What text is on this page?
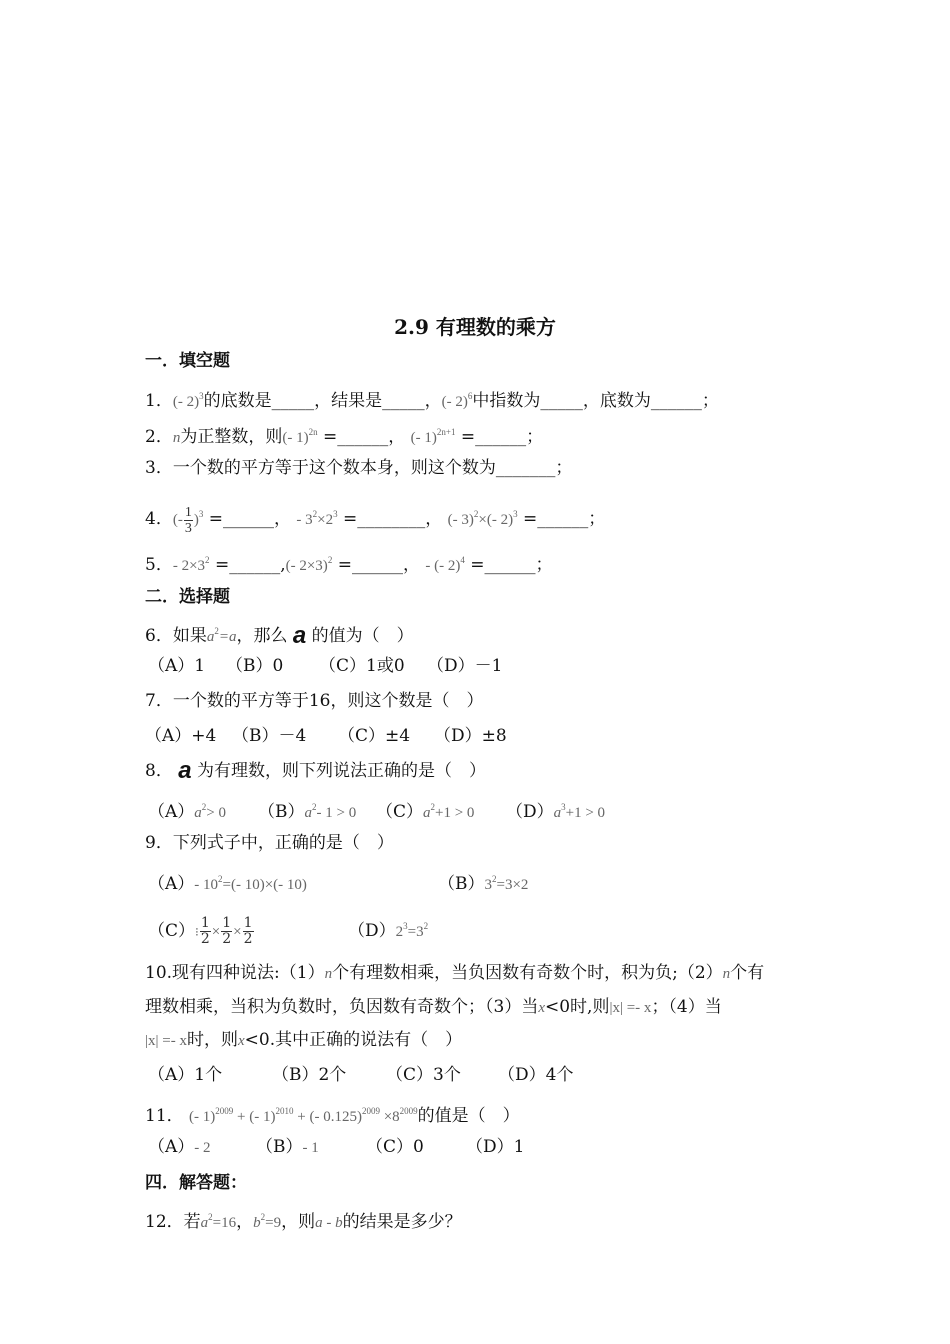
2.9 有理数的乘方
一．填空题
1．(- 2)$^3$的底数是_____，结果是_____，(- 2)$^6$中指数为_____，底数为______；
2．n为正整数，则(- 1)$^{2n}$ =______， (- 1)$^{2n+1}$ =______；
3．一个数的平方等于这个数本身，则这个数为_______；
4．(- $\frac{1}{3} )^3$ =______， - $3^2\times 2^3$ =________， (- 3)$^2$×(- 2)$^3$ =______；
5．- $2\times 3^2$ =______,(- 2×3)$^2$ =______， - (- 2)$^4$ =______；
二．选择题
6．如果$a^2=a$，那么 a 的值为（　）
（A）1 （B）0 （C）1或0 （D）－1
7．一个数的平方等于16，则这个数是（　）
（A）+4 （B）－4 （C）±4 （D）±8
8． a 为有理数，则下列说法正确的是（　）
$(A)a^2> 0$ $(B)a^2-$ 1 > 0 $(C)a^2+1 > 0$ $(D)a^3+1 > 0$
9．下列式子中，正确的是（　）
（A）- $10^2=(-$ 10)×(- 10)	$(B)3^2=3\times 2$
（C）⁝ $\frac{1}{2} \times \frac{1}{2} \times \frac{1}{2}$	$(D)2^3=3^2$
10.现有四种说法:（1）n个有理数相乘，当负因数有奇数个时，积为负;（2）n个有
理数相乘，当积为负数时，负因数有奇数个；（3）当x<0时,则|x| =- x；（4）当
|x| =- x时，则x<0.其中正确的说法有（　）
（A）1个	（B）2个 （C）3个 （D）4个
11． (- 1)$^{2009}$ + (- 1)$^{2010}$ + (- $0.125)^{2009} \times 8^{2009}$的值是（　）
（A）- 2	（B）- 1	（C）0 （D）1
四．解答题：
12．若$a^2=16$，$b^2=9$，则a - b的结果是多少？
